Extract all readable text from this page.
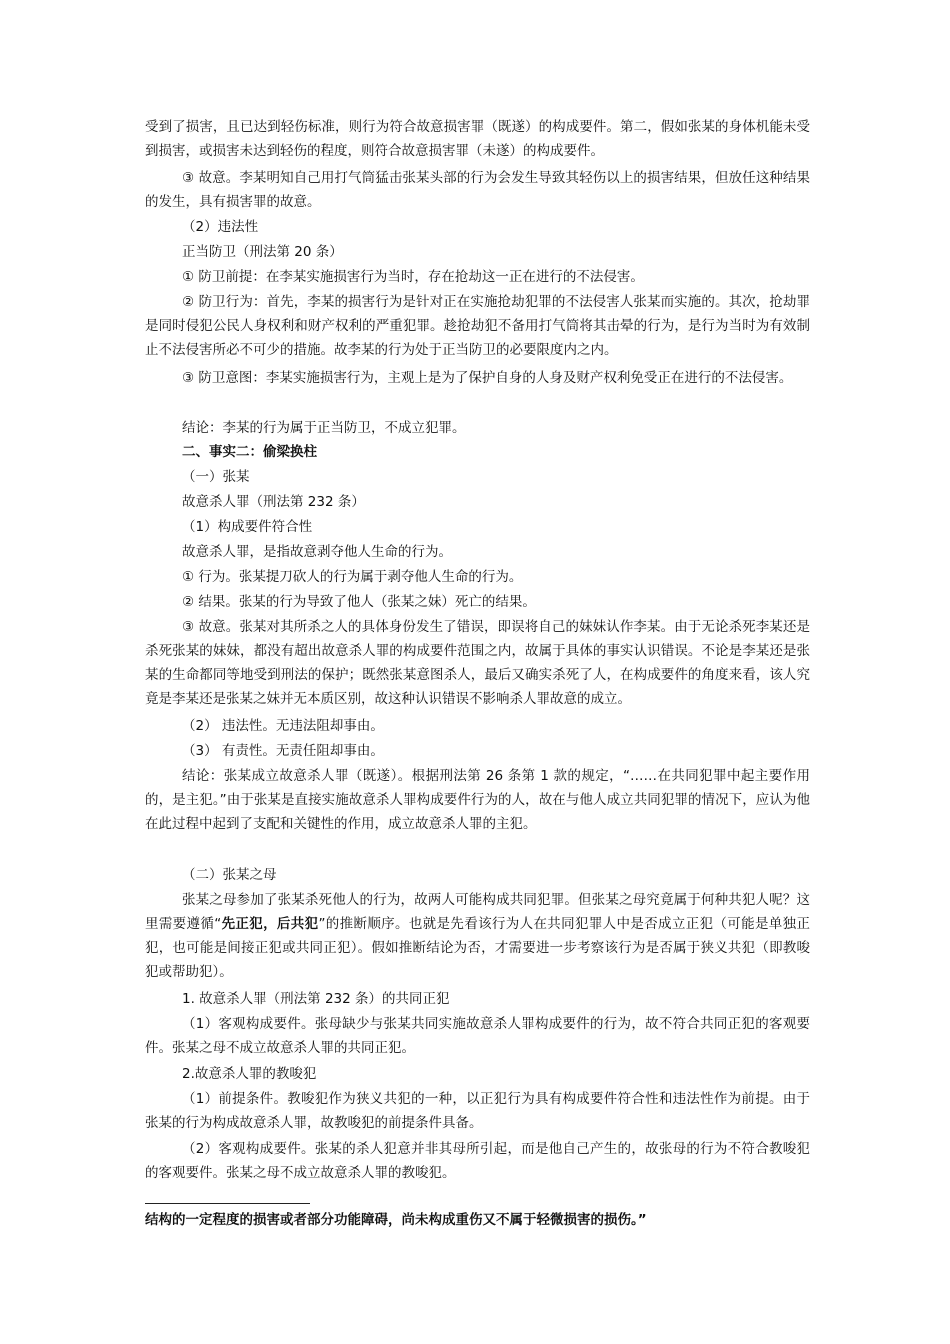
受到了损害，且已达到轻伤标准，则行为符合故意损害罪（既遂）的构成要件。第二，假如张某的身体机能未受到损害，或损害未达到轻伤的程度，则符合故意损害罪（未遂）的构成要件。

③ 故意。李某明知自己用打气筒猛击张某头部的行为会发生导致其轻伤以上的损害结果，但放任这种结果的发生，具有损害罪的故意。

（2）违法性

正当防卫（刑法第 20 条）

① 防卫前提：在李某实施损害行为当时，存在抢劫这一正在进行的不法侵害。

② 防卫行为：首先，李某的损害行为是针对正在实施抢劫犯罪的不法侵害人张某而实施的。其次，抢劫罪是同时侵犯公民人身权利和财产权利的严重犯罪。趁抢劫犯不备用打气筒将其击晕的行为，是行为当时为有效制止不法侵害所必不可少的措施。故李某的行为处于正当防卫的必要限度内之内。

③ 防卫意图：李某实施损害行为，主观上是为了保护自身的人身及财产权利免受正在进行的不法侵害。

结论：李某的行为属于正当防卫，不成立犯罪。

二、事实二：偷梁换柱

（一）张某

故意杀人罪（刑法第 232 条）

（1）构成要件符合性

故意杀人罪，是指故意剥夺他人生命的行为。

① 行为。张某提刀砍人的行为属于剥夺他人生命的行为。

② 结果。张某的行为导致了他人（张某之妹）死亡的结果。

③ 故意。张某对其所杀之人的具体身份发生了错误，即误将自己的妹妹认作李某。由于无论杀死李某还是杀死张某的妹妹，都没有超出故意杀人罪的构成要件范围之内，故属于具体的事实认识错误。不论是李某还是张某的生命都同等地受到刑法的保护；既然张某意图杀人，最后又确实杀死了人，在构成要件的角度来看，该人究竟是李某还是张某之妹并无本质区别，故这种认识错误不影响杀人罪故意的成立。

（2） 违法性。无违法阻却事由。

（3） 有责性。无责任阻却事由。

结论：张某成立故意杀人罪（既遂）。根据刑法第 26 条第 1 款的规定，“……在共同犯罪中起主要作用的，是主犯。”由于张某是直接实施故意杀人罪构成要件行为的人，故在与他人成立共同犯罪的情况下，应认为他在此过程中起到了支配和关键性的作用，成立故意杀人罪的主犯。

（二）张某之母

张某之母参加了张某杀死他人的行为，故两人可能构成共同犯罪。但张某之母究竟属于何种共犯人呢？这里需要遵循“先正犯，后共犯”的推断顺序。也就是先看该行为人在共同犯罪人中是否成立正犯（可能是单独正犯，也可能是间接正犯或共同正犯）。假如推断结论为否，才需要进一步考察该行为是否属于狭义共犯（即教唆犯或帮助犯）。

1. 故意杀人罪（刑法第 232 条）的共同正犯

（1）客观构成要件。张母缺少与张某共同实施故意杀人罪构成要件的行为，故不符合共同正犯的客观要件。张某之母不成立故意杀人罪的共同正犯。

2.故意杀人罪的教唆犯

（1）前提条件。教唆犯作为狭义共犯的一种，以正犯行为具有构成要件符合性和违法性作为前提。由于张某的行为构成故意杀人罪，故教唆犯的前提条件具备。

（2）客观构成要件。张某的杀人犯意并非其母所引起，而是他自己产生的，故张母的行为不符合教唆犯的客观要件。张某之母不成立故意杀人罪的教唆犯。

结构的一定程度的损害或者部分功能障碍，尚未构成重伤又不属于轻微损害的损伤。”
